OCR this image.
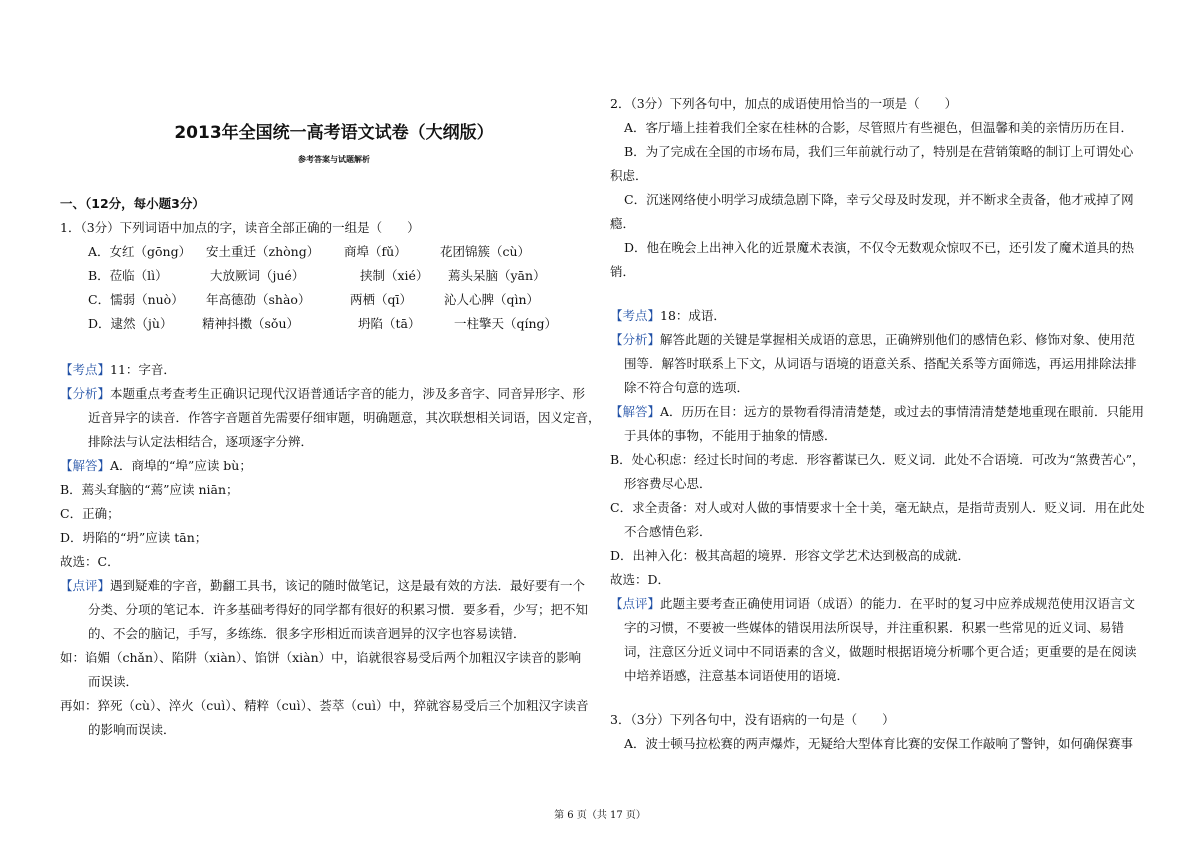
2013年全国统一高考语文试卷（大纲版）
参考答案与试题解析
一、（12分，每小题3分）
1．（3分）下列词语中加点的字，读音全部正确的一组是（　　）
A．女红（gōng） 安土重迁（zhòng） 商埠（fǔ）	花团锦簇（cù）
B．莅临（lì）	大放厥词（jué）	挟制（xié） 蔫头呆脑（yān）
C．懦弱（nuò） 年高德劭（shào）	两栖（qī）	沁人心脾（qìn）
D．逮然（jù） 精神抖擞（sǒu）	坍陷（tā）	一柱擎天（qíng）
【考点】11：字音．
【分析】本题重点考查考生正确识记现代汉语普通话字音的能力，涉及多音字、同音异形字、形
近音异字的读音．作答字音题首先需要仔细审题，明确题意，其次联想相关词语，因义定音，
排除法与认定法相结合，逐项逐字分辨．
【解答】A．商埠的“埠”应读 bù；
B．蔫头耷脑的“蔫”应读 niān；
C．正确；
D．坍陷的“坍”应读 tān；
故选：C．
【点评】遇到疑难的字音，勤翻工具书，该记的随时做笔记，这是最有效的方法．最好要有一个
分类、分项的笔记本．许多基础考得好的同学都有很好的积累习惯．要多看，少写；把不知
的、不会的脑记，手写，多练练．很多字形相近而读音迥异的汉字也容易读错．
如：谄媚（chǎn）、陷阱（xiàn）、馅饼（xiàn）中，谄就很容易受后两个加粗汉字读音的影响
而误读．
再如：猝死（cù）、淬火（cuì）、精粹（cuì）、荟萃（cuì）中，猝就容易受后三个加粗汉字读音
的影响而误读．
2．（3分）下列各句中，加点的成语使用恰当的一项是（　　）
A．客厅墙上挂着我们全家在桂林的合影，尽管照片有些褪色，但温馨和美的亲情历历在目．
B．为了完成在全国的市场布局，我们三年前就行动了，特别是在营销策略的制订上可谓处心
积虑．
C．沉迷网络使小明学习成绩急剧下降，幸亏父母及时发现，并不断求全责备，他才戒掉了网
瘾．
D．他在晚会上出神入化的近景魔术表演，不仅令无数观众惊叹不已，还引发了魔术道具的热
销．
【考点】18：成语．
【分析】解答此题的关键是掌握相关成语的意思，正确辨别他们的感情色彩、修饰对象、使用范
围等．解答时联系上下文，从词语与语境的语意关系、搭配关系等方面筛选，再运用排除法排
除不符合句意的选项．
【解答】A．历历在目：远方的景物看得清清楚楚，或过去的事情清清楚楚地重现在眼前．只能用
于具体的事物，不能用于抽象的情感．
B．处心积虑：经过长时间的考虑．形容蓄谋已久．贬义词．此处不合语境．可改为“煞费苦心”，
形容费尽心思．
C．求全责备：对人或对人做的事情要求十全十美，毫无缺点，是指苛责别人．贬义词．用在此处
不合感情色彩．
D．出神入化：极其高超的境界．形容文学艺术达到极高的成就．
故选：D．
【点评】此题主要考查正确使用词语（成语）的能力．在平时的复习中应养成规范使用汉语言文
字的习惯，不要被一些媒体的错误用法所误导，并注重积累．积累一些常见的近义词、易错
词，注意区分近义词中不同语素的含义，做题时根据语境分析哪个更合适；更重要的是在阅读
中培养语感，注意基本词语使用的语境．
3．（3分）下列各句中，没有语病的一句是（　　）
A．波士顿马拉松赛的两声爆炸，无疑给大型体育比赛的安保工作敲响了警钟，如何确保赛事
第 6 页（共 17 页）
